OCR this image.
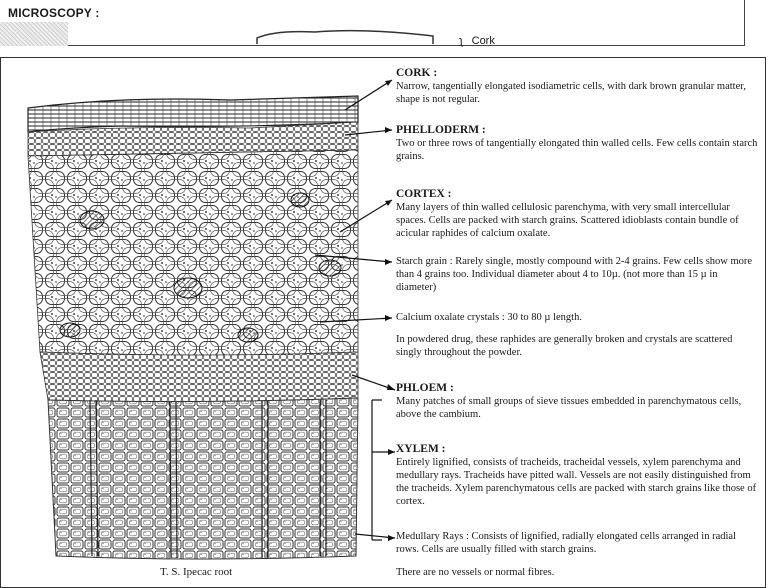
MICROSCOPY :
ʅ   Cork
CORK :
Narrow, tangentially elongated isodiametric cells, with dark brown granular matter, shape is not regular.
PHELLODERM :
Two or three rows of tangentially elongated thin walled cells. Few cells contain starch grains.
CORTEX :
Many layers of thin walled cellulosic parenchyma, with very small intercellular spaces. Cells are packed with starch grains. Scattered idioblasts contain bundle of acicular raphides of calcium oxalate.
Starch grain : Rarely single, mostly compound with 2-4 grains. Few cells show more than 4 grains too. Individual diameter about 4 to 10µ. (not more than 15 µ in diameter)
Calcium oxalate crystals : 30 to 80 µ length.
In powdered drug, these raphides are generally broken and crystals are scattered singly throughout the powder.
PHLOEM :
Many patches of small groups of sieve tissues embedded in parenchymatous cells, above the cambium.
XYLEM :
Entirely lignified, consists of tracheids, tracheidal vessels, xylem parenchyma and medullary rays. Tracheids have pitted wall. Vessels are not easily distinguished from the tracheids. Xylem parenchymatous cells are packed with starch grains like those of cortex.
Medullary Rays : Consists of lignified, radially elongated cells arranged in radial rows. Cells are usually filled with starch grains.
There are no vessels or normal fibres.
T. S. Ipecac root
